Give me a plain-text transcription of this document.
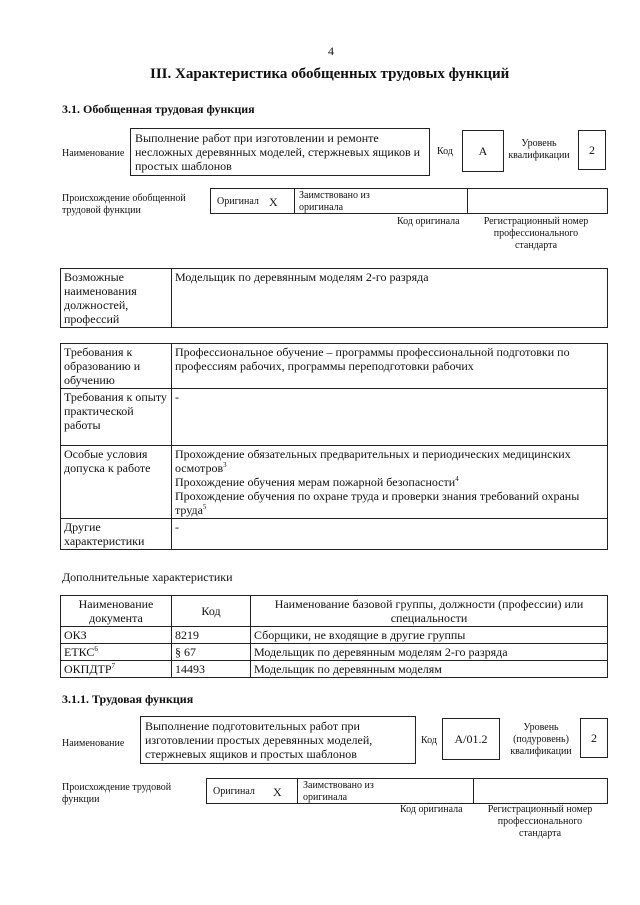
4
III. Характеристика обобщенных трудовых функций
3.1. Обобщенная трудовая функция
Наименование
Выполнение работ при изготовлении и ремонте несложных деревянных моделей, стержневых ящиков и простых шаблонов
Код	А
Уровень квалификации	2
Происхождение обобщенной трудовой функции
Оригинал X Заимствовано из оригинала
Код оригинала	Регистрационный номер профессионального стандарта
Возможные наименования должностей, профессий	Модельщик по деревянным моделям 2-го разряда
Требования к образованию и обучению	Профессиональное обучение – программы профессиональной подготовки по профессиям рабочих, программы переподготовки рабочих
Требования к опыту практической работы	-
Особые условия допуска к работе	Прохождение обязательных предварительных и периодических медицинских осмотров$^3$
Прохождение обучения мерам пожарной безопасности$^4$
Прохождение обучения по охране труда и проверки знания требований охраны труда$^5$
Другие характеристики	-
Дополнительные характеристики
Наименование документа	Код	Наименование базовой группы, должности (профессии) или специальности
ОКЗ	8219	Сборщики, не входящие в другие группы
ЕТКС$^6$	§ 67	Модельщик по деревянным моделям 2-го разряда
ОКПДТР$^7$	14493	Модельщик по деревянным моделям
3.1.1. Трудовая функция
Наименование
Выполнение подготовительных работ при изготовлении простых деревянных моделей, стержневых ящиков и простых шаблонов
Код	А/01.2
Уровень (подуровень) квалификации
2
Происхождение трудовой функции
Оригинал X Заимствовано из оригинала
Код оригинала	Регистрационный номер профессионального стандарта
